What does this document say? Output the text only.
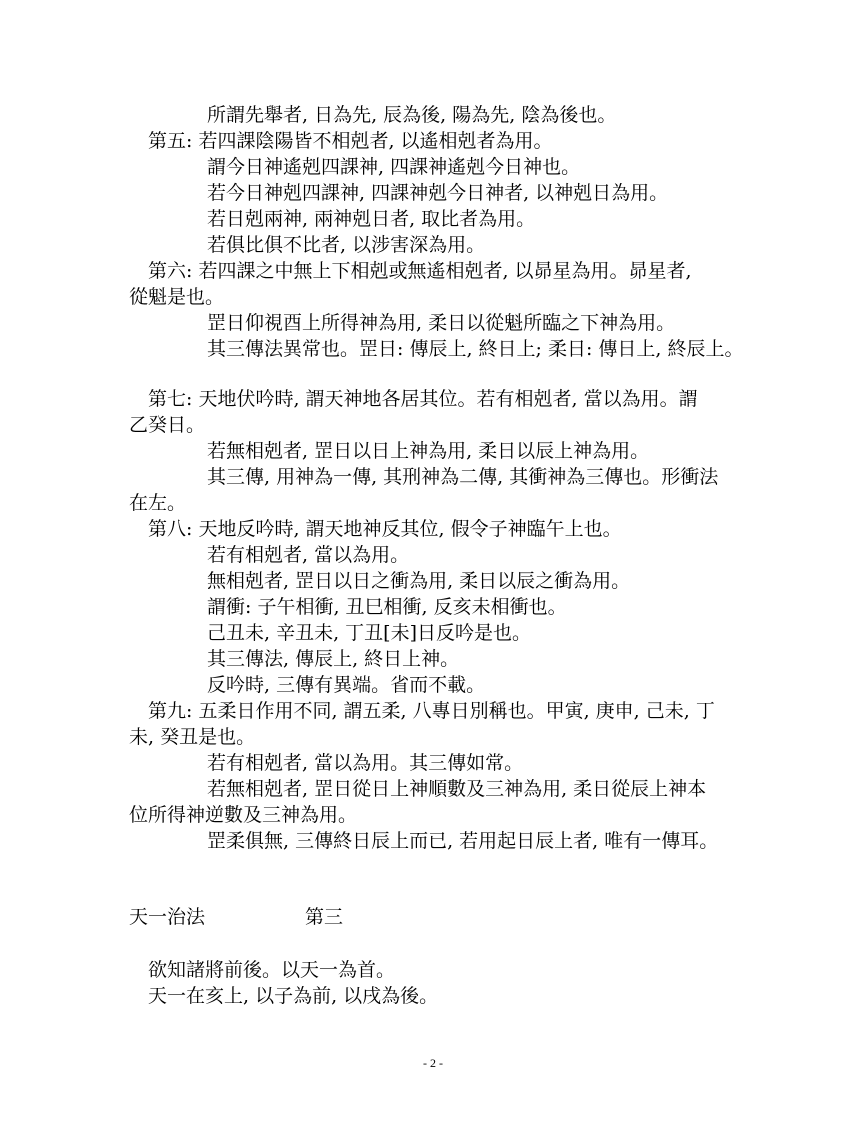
所謂先舉者, 日為先, 辰為後, 陽為先, 陰為後也。
第五: 若四課陰陽皆不相剋者, 以遙相剋者為用。
謂今日神遙剋四課神, 四課神遙剋今日神也。
若今日神剋四課神, 四課神剋今日神者, 以神剋日為用。
若日剋兩神, 兩神剋日者, 取比者為用。
若俱比俱不比者, 以涉害深為用。
第六: 若四課之中無上下相剋或無遙相剋者, 以昴星為用。昴星者,
從魁是也。
罡日仰視酉上所得神為用, 柔日以從魁所臨之下神為用。
其三傳法異常也。罡日: 傳辰上, 終日上; 柔日: 傳日上, 終辰上。
第七: 天地伏吟時, 謂天神地各居其位。若有相剋者, 當以為用。謂
乙癸日。
若無相剋者, 罡日以日上神為用, 柔日以辰上神為用。
其三傳, 用神為一傳, 其刑神為二傳, 其衝神為三傳也。形衝法
在左。
第八: 天地反吟時, 謂天地神反其位, 假令子神臨午上也。
若有相剋者, 當以為用。
無相剋者, 罡日以日之衝為用, 柔日以辰之衝為用。
謂衝: 子午相衝, 丑巳相衝, 反亥未相衝也。
己丑未, 辛丑未, 丁丑[未]日反吟是也。
其三傳法, 傳辰上, 終日上神。
反吟時, 三傳有異端。省而不載。
第九: 五柔日作用不同, 謂五柔, 八專日別稱也。甲寅, 庚申, 己未, 丁
未, 癸丑是也。
若有相剋者, 當以為用。其三傳如常。
若無相剋者, 罡日從日上神順數及三神為用, 柔日從辰上神本
位所得神逆數及三神為用。
罡柔俱無, 三傳終日辰上而已, 若用起日辰上者, 唯有一傳耳。
天一治法	第三
欲知諸將前後。以天一為首。
天一在亥上, 以子為前, 以戌為後。
- 2 -
